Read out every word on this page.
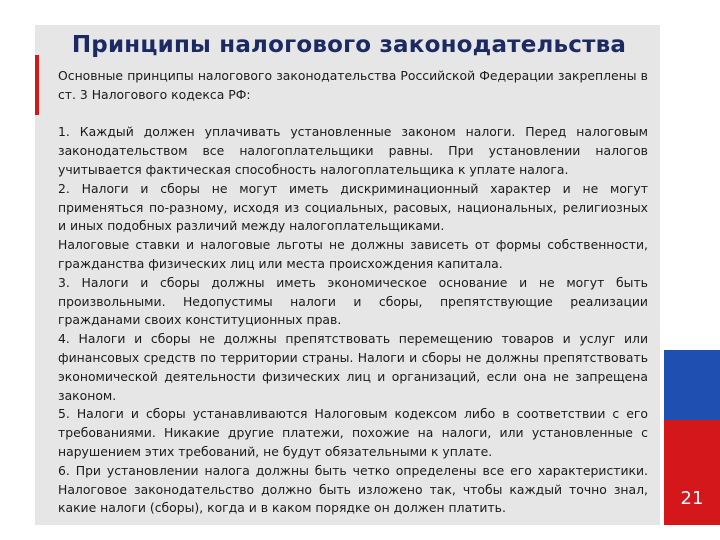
Принципы налогового законодательства

Основные принципы налогового законодательства Российской Федерации закреплены в ст. 3 Налогового кодекса РФ:

1. Каждый должен уплачивать установленные законом налоги. Перед налоговым законодательством все налогоплательщики равны. При установлении налогов учитывается фактическая способность налогоплательщика к уплате налога.

2. Налоги и сборы не могут иметь дискриминационный характер и не могут применяться по-разному, исходя из социальных, расовых, национальных, религиозных и иных подобных различий между налогоплательщиками.

Налоговые ставки и налоговые льготы не должны зависеть от формы собственности, гражданства физических лиц или места происхождения капитала.

3. Налоги и сборы должны иметь экономическое основание и не могут быть произвольными. Недопустимы налоги и сборы, препятствующие реализации гражданами своих конституционных прав.

4. Налоги и сборы не должны препятствовать перемещению товаров и услуг или финансовых средств по территории страны. Налоги и сборы не должны препятствовать экономической деятельности физических лиц и организаций, если она не запрещена законом.

5. Налоги и сборы устанавливаются Налоговым кодексом либо в соответствии с его требованиями. Никакие другие платежи, похожие на налоги, или установленные с нарушением этих требований, не будут обязательными к уплате.

6. При установлении налога должны быть четко определены все его характеристики. Налоговое законодательство должно быть изложено так, чтобы каждый точно знал, какие налоги (сборы), когда и в каком порядке он должен платить.	21
